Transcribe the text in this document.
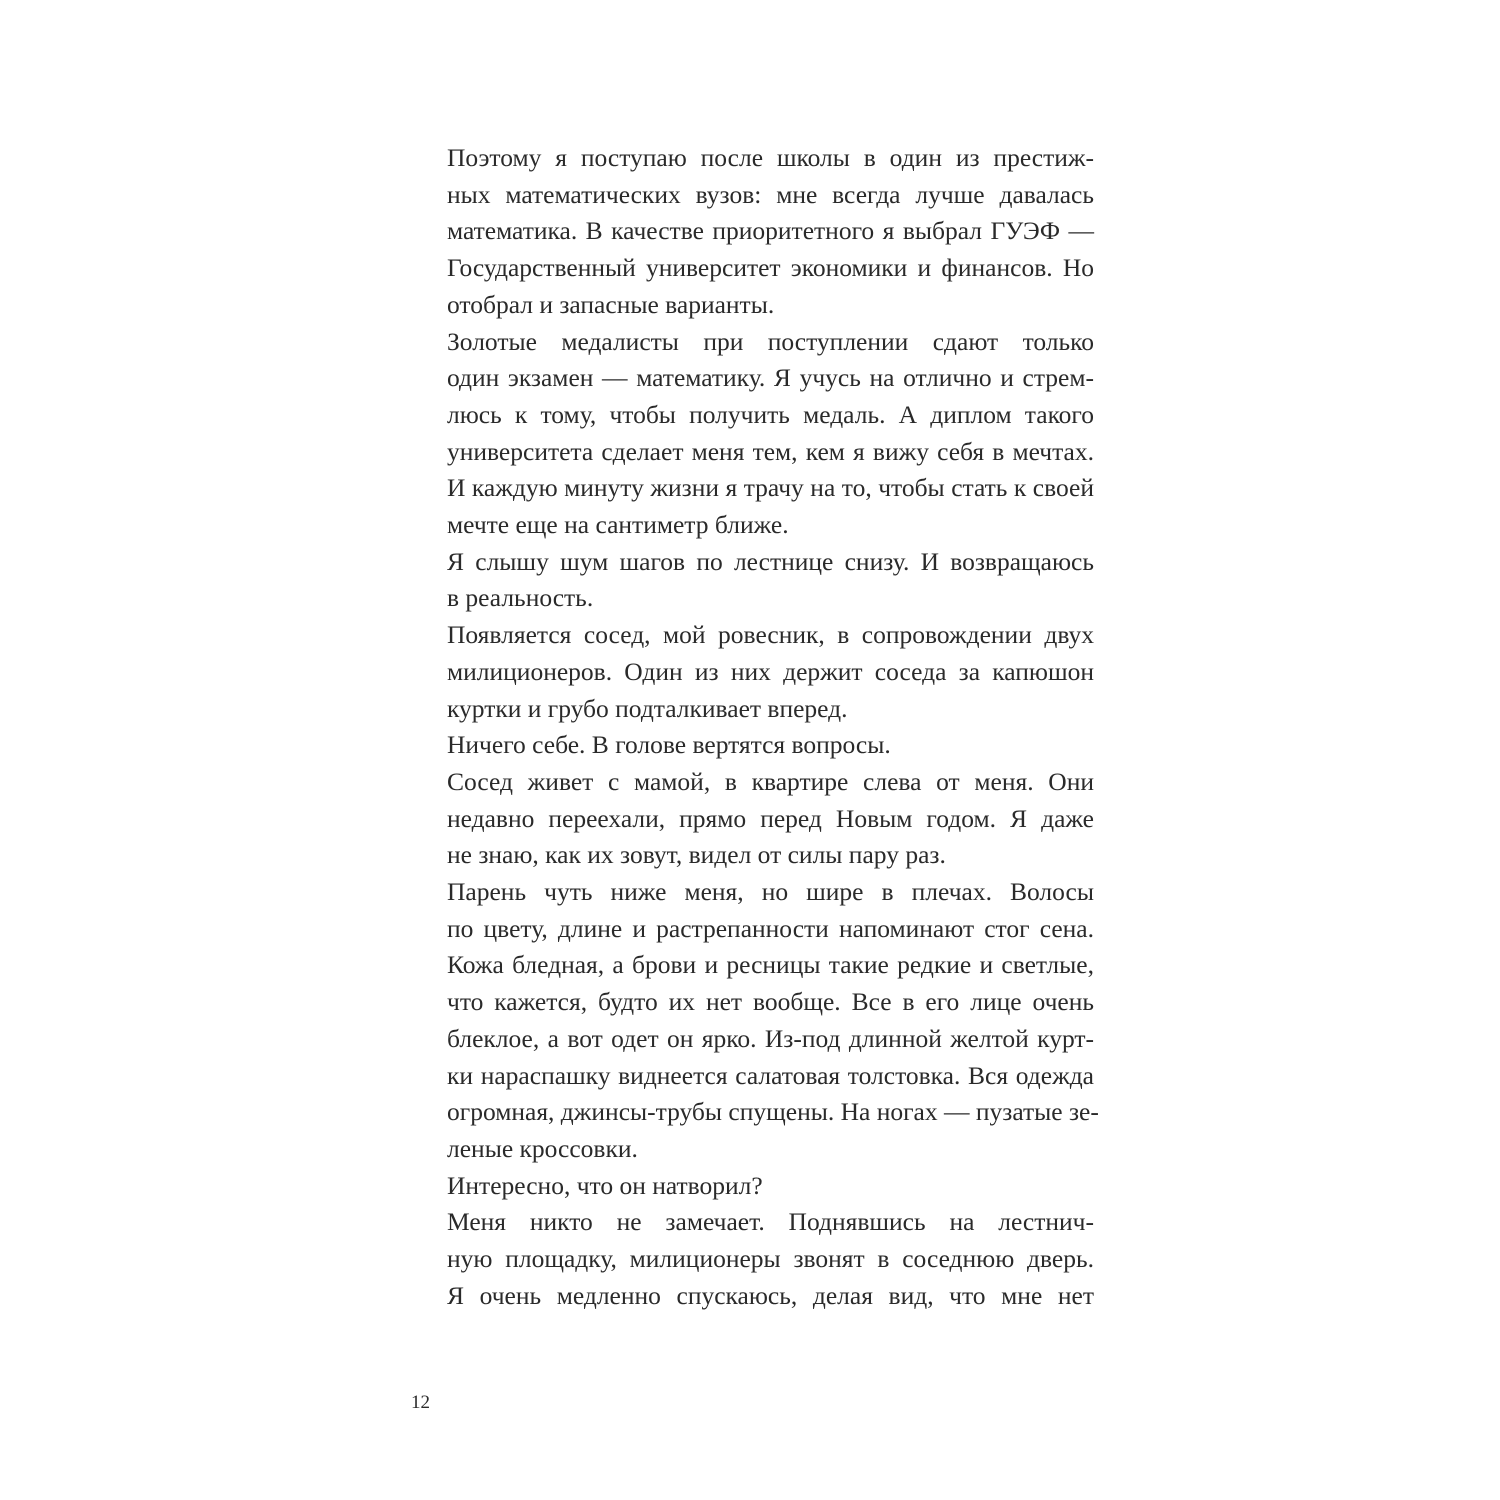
Поэтому я поступаю после школы в один из престиж-
ных математических вузов: мне всегда лучше давалась
математика. В качестве приоритетного я выбрал ГУЭФ —
Государственный университет экономики и финансов. Но
отобрал и запасные варианты.

Золотые медалисты при поступлении сдают только
один экзамен — математику. Я учусь на отлично и стрем-
люсь к тому, чтобы получить медаль. А диплом такого
университета сделает меня тем, кем я вижу себя в мечтах.
И каждую минуту жизни я трачу на то, чтобы стать к своей
мечте еще на сантиметр ближе.

Я слышу шум шагов по лестнице снизу. И возвращаюсь
в реальность.

Появляется сосед, мой ровесник, в сопровождении двух
милиционеров. Один из них держит соседа за капюшон
куртки и грубо подталкивает вперед.

Ничего себе. В голове вертятся вопросы.

Сосед живет с мамой, в квартире слева от меня. Они
недавно переехали, прямо перед Новым годом. Я даже
не знаю, как их зовут, видел от силы пару раз.

Парень чуть ниже меня, но шире в плечах. Волосы
по цвету, длине и растрепанности напоминают стог сена.
Кожа бледная, а брови и ресницы такие редкие и светлые,
что кажется, будто их нет вообще. Все в его лице очень
блеклое, а вот одет он ярко. Из-под длинной желтой курт-
ки нараспашку виднеется салатовая толстовка. Вся одежда
огромная, джинсы-трубы спущены. На ногах — пузатые зе-
леные кроссовки.

Интересно, что он натворил?

Меня никто не замечает. Поднявшись на лестнич-
ную площадку, милиционеры звонят в соседнюю дверь.
Я очень медленно спускаюсь, делая вид, что мне нет

12
